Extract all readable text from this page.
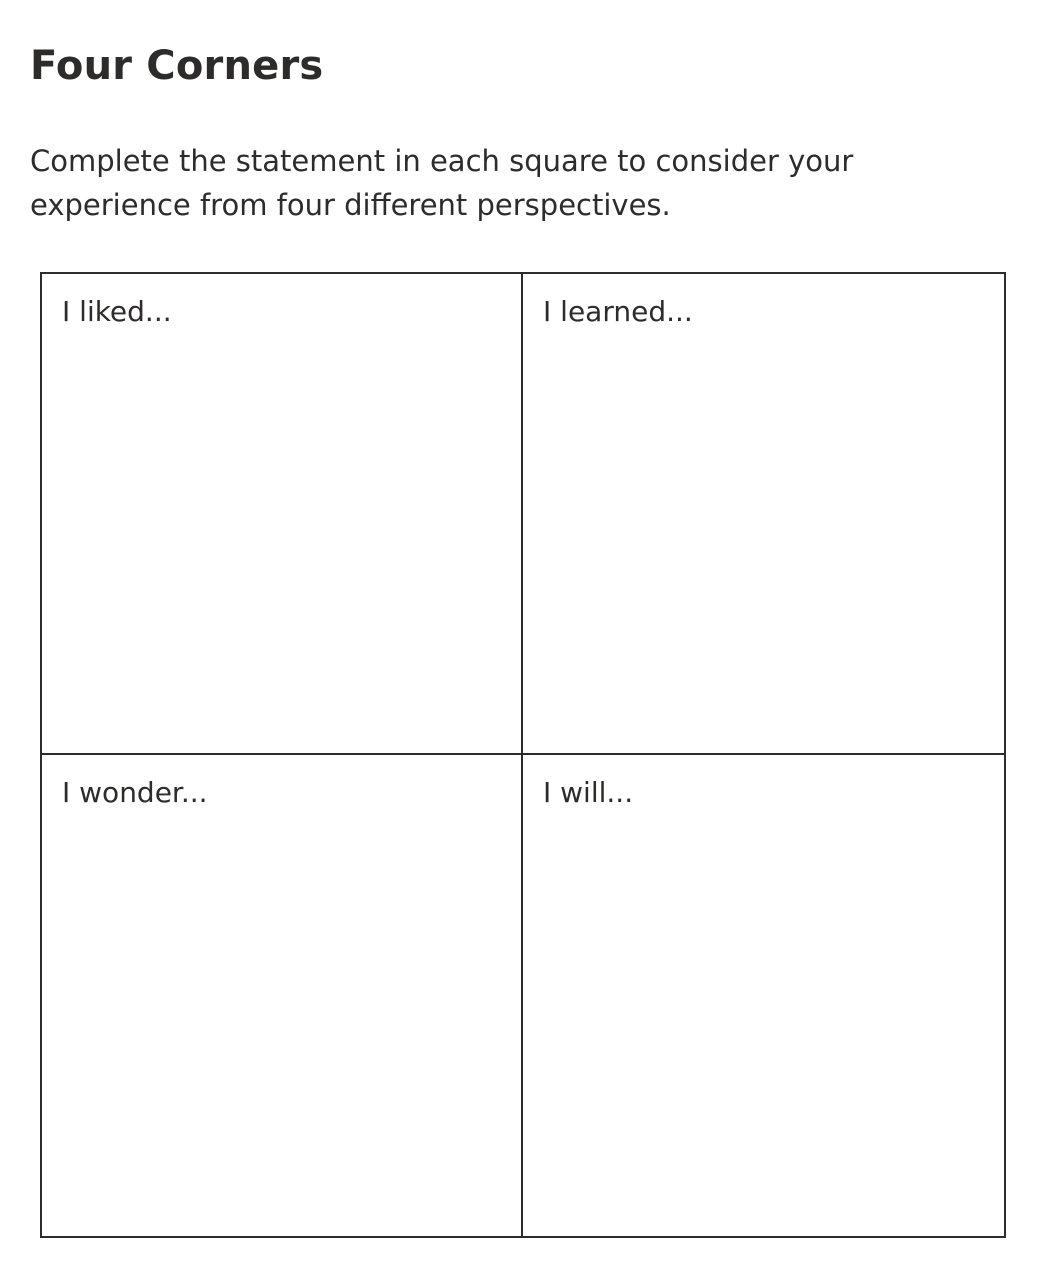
Four Corners

Complete the statement in each square to consider your experience from four different perspectives.

I liked...	I learned...
I wonder...	I will...
